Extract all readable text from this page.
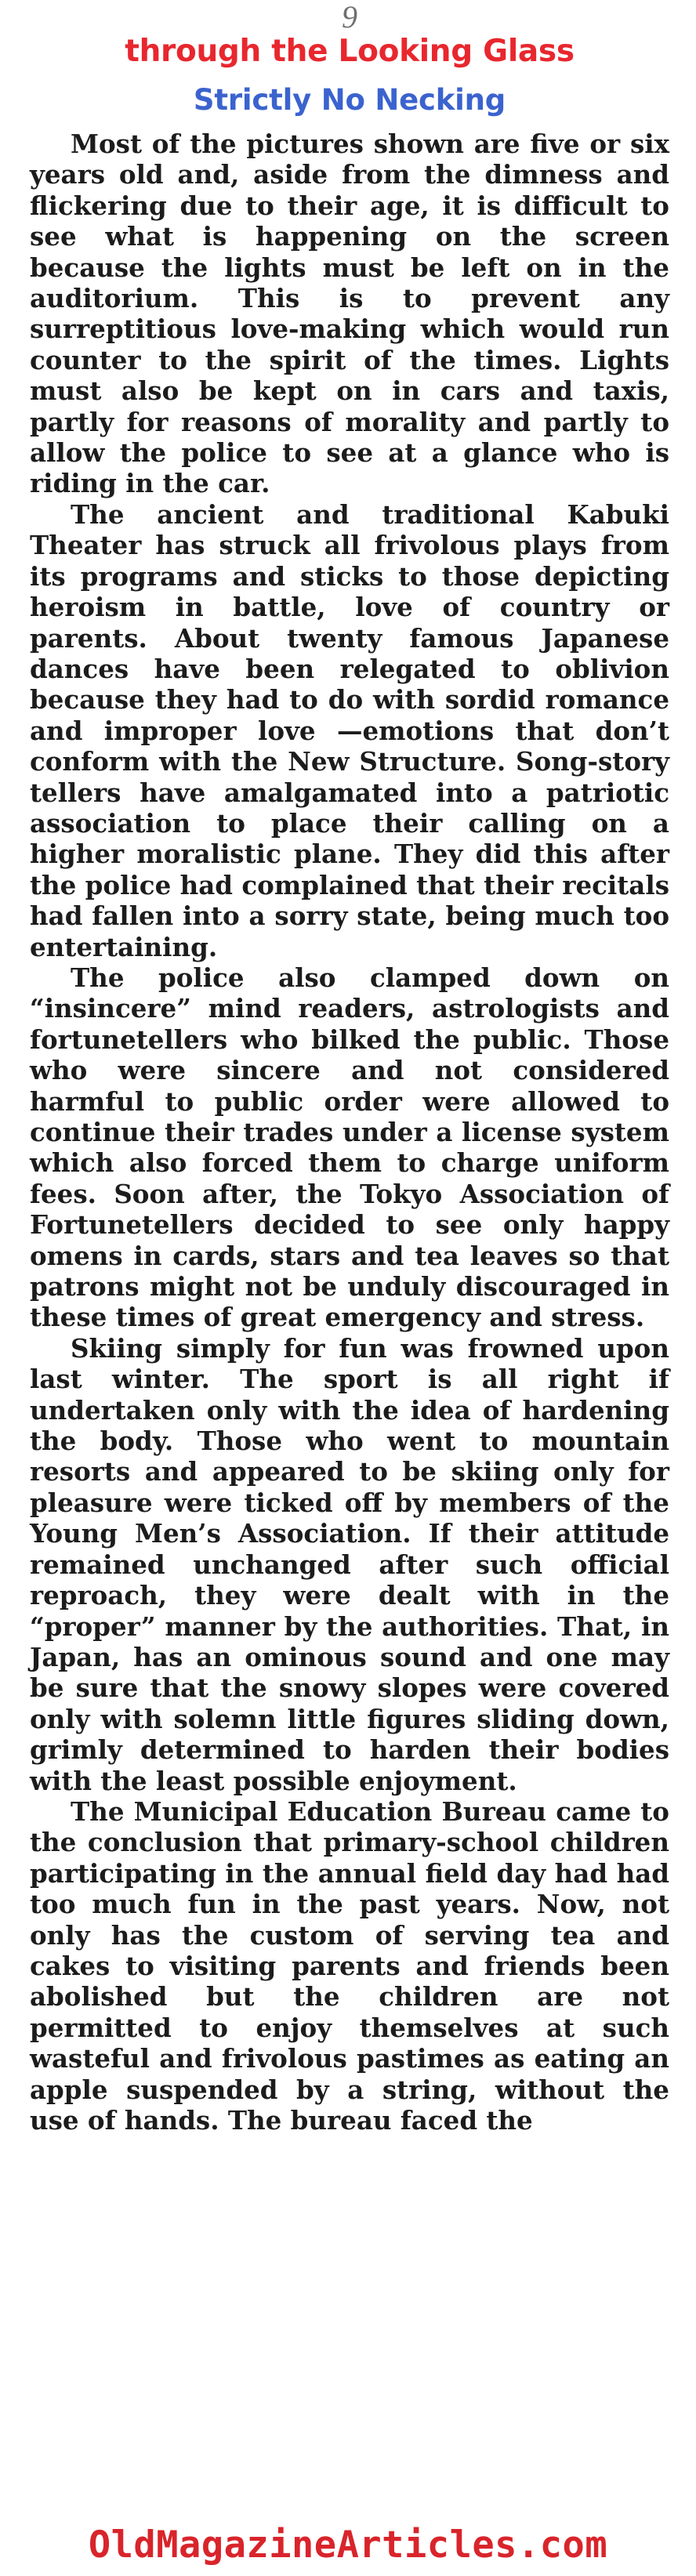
9
through the Looking Glass
Strictly No Necking

Most of the pictures shown are five or six years old and, aside from the dimness and flickering due to their age, it is difficult to see what is happening on the screen because the lights must be left on in the auditorium. This is to prevent any surreptitious love-making which would run counter to the spirit of the times. Lights must also be kept on in cars and taxis, partly for reasons of morality and partly to allow the police to see at a glance who is riding in the car.

The ancient and traditional Kabuki Theater has struck all frivolous plays from its programs and sticks to those depicting heroism in battle, love of country or parents. About twenty famous Japanese dances have been relegated to oblivion because they had to do with sordid romance and improper love —emotions that don’t conform with the New Structure. Song-story tellers have amalgamated into a patriotic association to place their calling on a higher moralistic plane. They did this after the police had complained that their recitals had fallen into a sorry state, being much too entertaining.

The police also clamped down on “insincere” mind readers, astrologists and fortunetellers who bilked the public. Those who were sincere and not considered harmful to public order were allowed to continue their trades under a license system which also forced them to charge uniform fees. Soon after, the Tokyo Association of Fortunetellers decided to see only happy omens in cards, stars and tea leaves so that patrons might not be unduly discouraged in these times of great emergency and stress.

Skiing simply for fun was frowned upon last winter. The sport is all right if undertaken only with the idea of hardening the body. Those who went to mountain resorts and appeared to be skiing only for pleasure were ticked off by members of the Young Men’s Association. If their attitude remained unchanged after such official reproach, they were dealt with in the “proper” manner by the authorities. That, in Japan, has an ominous sound and one may be sure that the snowy slopes were covered only with solemn little figures sliding down, grimly determined to harden their bodies with the least possible enjoyment.

The Municipal Education Bureau came to the conclusion that primary-school children participating in the annual field day had had too much fun in the past years. Now, not only has the custom of serving tea and cakes to visiting parents and friends been abolished but the children are not permitted to enjoy themselves at such wasteful and frivolous pastimes as eating an apple suspended by a string, without the use of hands. The bureau faced the

OldMagazineArticles.com
